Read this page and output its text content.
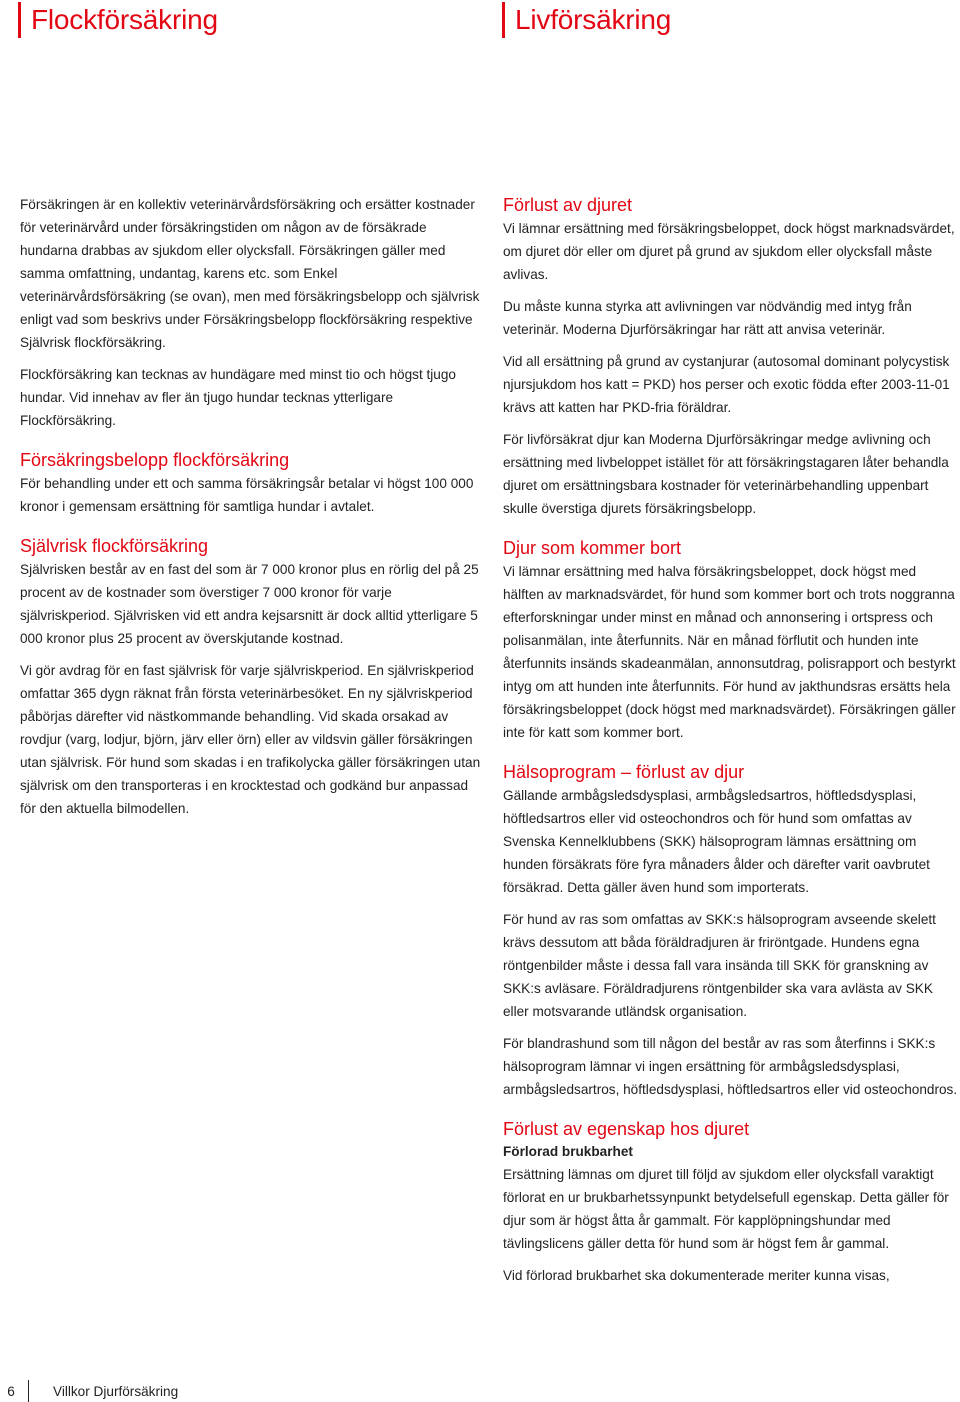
Flockförsäkring	Livförsäkring

Försäkringen är en kollektiv veterinärvårdsförsäkring och ersätter kostnader för veterinärvård under försäkringstiden om någon av de försäkrade hundarna drabbas av sjukdom eller olycksfall. Försäkringen gäller med samma omfattning, undantag, karens etc. som Enkel veterinärvårdsförsäkring (se ovan), men med försäkringsbelopp och självrisk enligt vad som beskrivs under Försäkringsbelopp flockförsäkring respektive Självrisk flockförsäkring.

Flockförsäkring kan tecknas av hundägare med minst tio och högst tjugo hundar. Vid innehav av fler än tjugo hundar tecknas ytterligare Flockförsäkring.

Försäkringsbelopp flockförsäkring

För behandling under ett och samma försäkringsår betalar vi högst 100 000 kronor i gemensam ersättning för samtliga hundar i avtalet.

Självrisk flockförsäkring

Självrisken består av en fast del som är 7 000 kronor plus en rörlig del på 25 procent av de kostnader som överstiger 7 000 kronor för varje självriskperiod. Självrisken vid ett andra kejsarsnitt är dock alltid ytterligare 5 000 kronor plus 25 procent av överskjutande kostnad.

Vi gör avdrag för en fast självrisk för varje självriskperiod. En självriskperiod omfattar 365 dygn räknat från första veterinärbesöket. En ny självriskperiod påbörjas därefter vid nästkommande behandling. Vid skada orsakad av rovdjur (varg, lodjur, björn, järv eller örn) eller av vildsvin gäller försäkringen utan självrisk. För hund som skadas i en trafikolycka gäller försäkringen utan självrisk om den transporteras i en krocktestad och godkänd bur anpassad för den aktuella bilmodellen.

Förlust av djuret

Vi lämnar ersättning med försäkringsbeloppet, dock högst marknadsvärdet, om djuret dör eller om djuret på grund av sjukdom eller olycksfall måste avlivas.

Du måste kunna styrka att avlivningen var nödvändig med intyg från veterinär. Moderna Djurförsäkringar har rätt att anvisa veterinär.

Vid all ersättning på grund av cystanjurar (autosomal dominant polycystisk njursjukdom hos katt = PKD) hos perser och exotic födda efter 2003-11-01 krävs att katten har PKD-fria föräldrar.

För livförsäkrat djur kan Moderna Djurförsäkringar medge avlivning och ersättning med livbeloppet istället för att försäkringstagaren låter behandla djuret om ersättningsbara kostnader för veterinärbehandling uppenbart skulle överstiga djurets försäkringsbelopp.

Djur som kommer bort

Vi lämnar ersättning med halva försäkringsbeloppet, dock högst med hälften av marknadsvärdet, för hund som kommer bort och trots noggranna efterforskningar under minst en månad och annonsering i ortspress och polisanmälan, inte återfunnits. När en månad förflutit och hunden inte återfunnits insänds skadeanmälan, annonsutdrag, polisrapport och bestyrkt intyg om att hunden inte återfunnits. För hund av jakthundsras ersätts hela försäkringsbeloppet (dock högst med marknadsvärdet). Försäkringen gäller inte för katt som kommer bort.

Hälsoprogram – förlust av djur

Gällande armbågsledsdysplasi, armbågsledsartros, höftledsdysplasi, höftledsartros eller vid osteochondros och för hund som omfattas av Svenska Kennelklubbens (SKK) hälsoprogram lämnas ersättning om hunden försäkrats före fyra månaders ålder och därefter varit oavbrutet försäkrad. Detta gäller även hund som importerats.

För hund av ras som omfattas av SKK:s hälsoprogram avseende skelett krävs dessutom att båda föräldradjuren är friröntgade. Hundens egna röntgenbilder måste i dessa fall vara insända till SKK för granskning av SKK:s avläsare. Föräldradjurens röntgenbilder ska vara avlästa av SKK eller motsvarande utländsk organisation.

För blandrashund som till någon del består av ras som återfinns i SKK:s hälsoprogram lämnar vi ingen ersättning för armbågsledsdysplasi, armbågsledsartros, höftledsdysplasi, höftledsartros eller vid osteochondros.

Förlust av egenskap hos djuret
Förlorad brukbarhet

Ersättning lämnas om djuret till följd av sjukdom eller olycksfall varaktigt förlorat en ur brukbarhetssynpunkt betydelsefull egenskap. Detta gäller för djur som är högst åtta år gammalt. För kapplöpningshundar med tävlingslicens gäller detta för hund som är högst fem år gammal.

Vid förlorad brukbarhet ska dokumenterade meriter kunna visas,

6	Villkor Djurförsäkring
